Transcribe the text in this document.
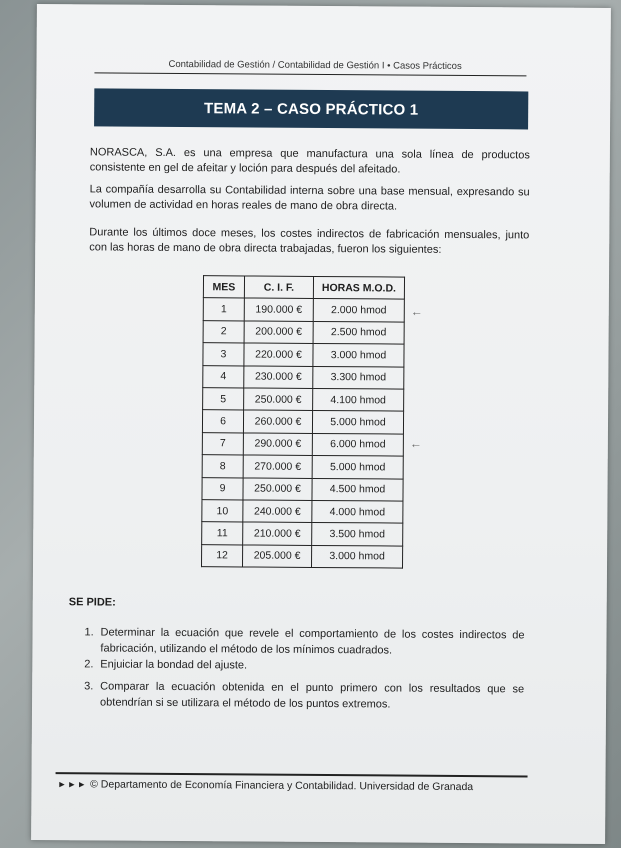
Contabilidad de Gestión / Contabilidad de Gestión I • Casos Prácticos
TEMA 2 – CASO PRÁCTICO 1
NORASCA, S.A. es una empresa que manufactura una sola línea de productos consistente en gel de afeitar y loción para después del afeitado.
La compañía desarrolla su Contabilidad interna sobre una base mensual, expresando su volumen de actividad en horas reales de mano de obra directa.
Durante los últimos doce meses, los costes indirectos de fabricación mensuales, junto con las horas de mano de obra directa trabajadas, fueron los siguientes:
MES	C. I. F.	HORAS M.O.D.
1	190.000 €	2.000 hmod
2	200.000 €	2.500 hmod
3	220.000 €	3.000 hmod
4	230.000 €	3.300 hmod
5	250.000 €	4.100 hmod
6	260.000 €	5.000 hmod
7	290.000 €	6.000 hmod
8	270.000 €	5.000 hmod
9	250.000 €	4.500 hmod
10	240.000 €	4.000 hmod
11	210.000 €	3.500 hmod
12	205.000 €	3.000 hmod
←
←
SE PIDE:
1. Determinar la ecuación que revele el comportamiento de los costes indirectos de fabricación, utilizando el método de los mínimos cuadrados.
2. Enjuiciar la bondad del ajuste.
3. Comparar la ecuación obtenida en el punto primero con los resultados que se obtendrían si se utilizara el método de los puntos extremos.
►►► © Departamento de Economía Financiera y Contabilidad. Universidad de Granada
